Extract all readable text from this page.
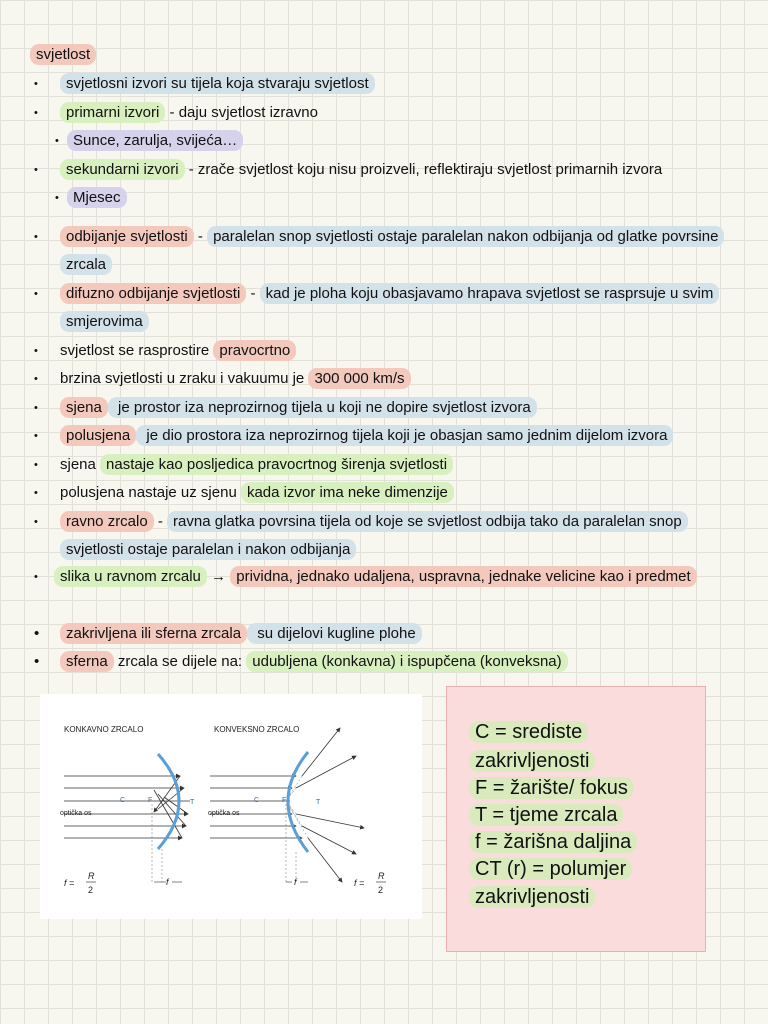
svjetlost
•	svjetlosni izvori su tijela koja stvaraju svjetlost
•	primarni izvori - daju svjetlost izravno
• Sunce, zarulja, svijeća…
•	sekundarni izvori - zrače svjetlost koju nisu proizveli, reflektiraju svjetlost primarnih izvora
• Mjesec
•	odbijanje svjetlosti - paralelan snop svjetlosti ostaje paralelan nakon odbijanja od glatke povrsine zrcala
•	difuzno odbijanje svjetlosti - kad je ploha koju obasjavamo hrapava svjetlost se rasprsuje u svim smjerovima
•	svjetlost se rasprostire pravocrtno
•	brzina svjetlosti u zraku i vakuumu je 300 000 km/s
•	sjena je prostor iza neprozirnog tijela u koji ne dopire svjetlost izvora
•	polusjena je dio prostora iza neprozirnog tijela koji je obasjan samo jednim dijelom izvora
•	sjena nastaje kao posljedica pravocrtnog širenja svjetlosti
•	polusjena nastaje uz sjenu kada izvor ima neke dimenzije
•	ravno zrcalo - ravna glatka povrsina tijela od koje se svjetlost odbija tako da paralelan snop svjetlosti ostaje paralelan i nakon odbijanja
•	slika u ravnom zrcalu → prividna, jednako udaljena, uspravna, jednake velicine kao i predmet
•	zakrivljena ili sferna zrcala su dijelovi kugline plohe
•	sferna zrcala se dijele na: udubljena (konkavna) i ispupčena (konveksna)
KONKAVNO ZRCALO	KONVEKSNO ZRCALO
C	F	T
optička os
f
f =
R
2
C	F	T
optička os
f	f =
R
2
C = srediste
zakrivljenosti
F = žarište/ fokus
T = tjeme zrcala
f = žarišna daljina
CT (r) = polumjer
zakrivljenosti
